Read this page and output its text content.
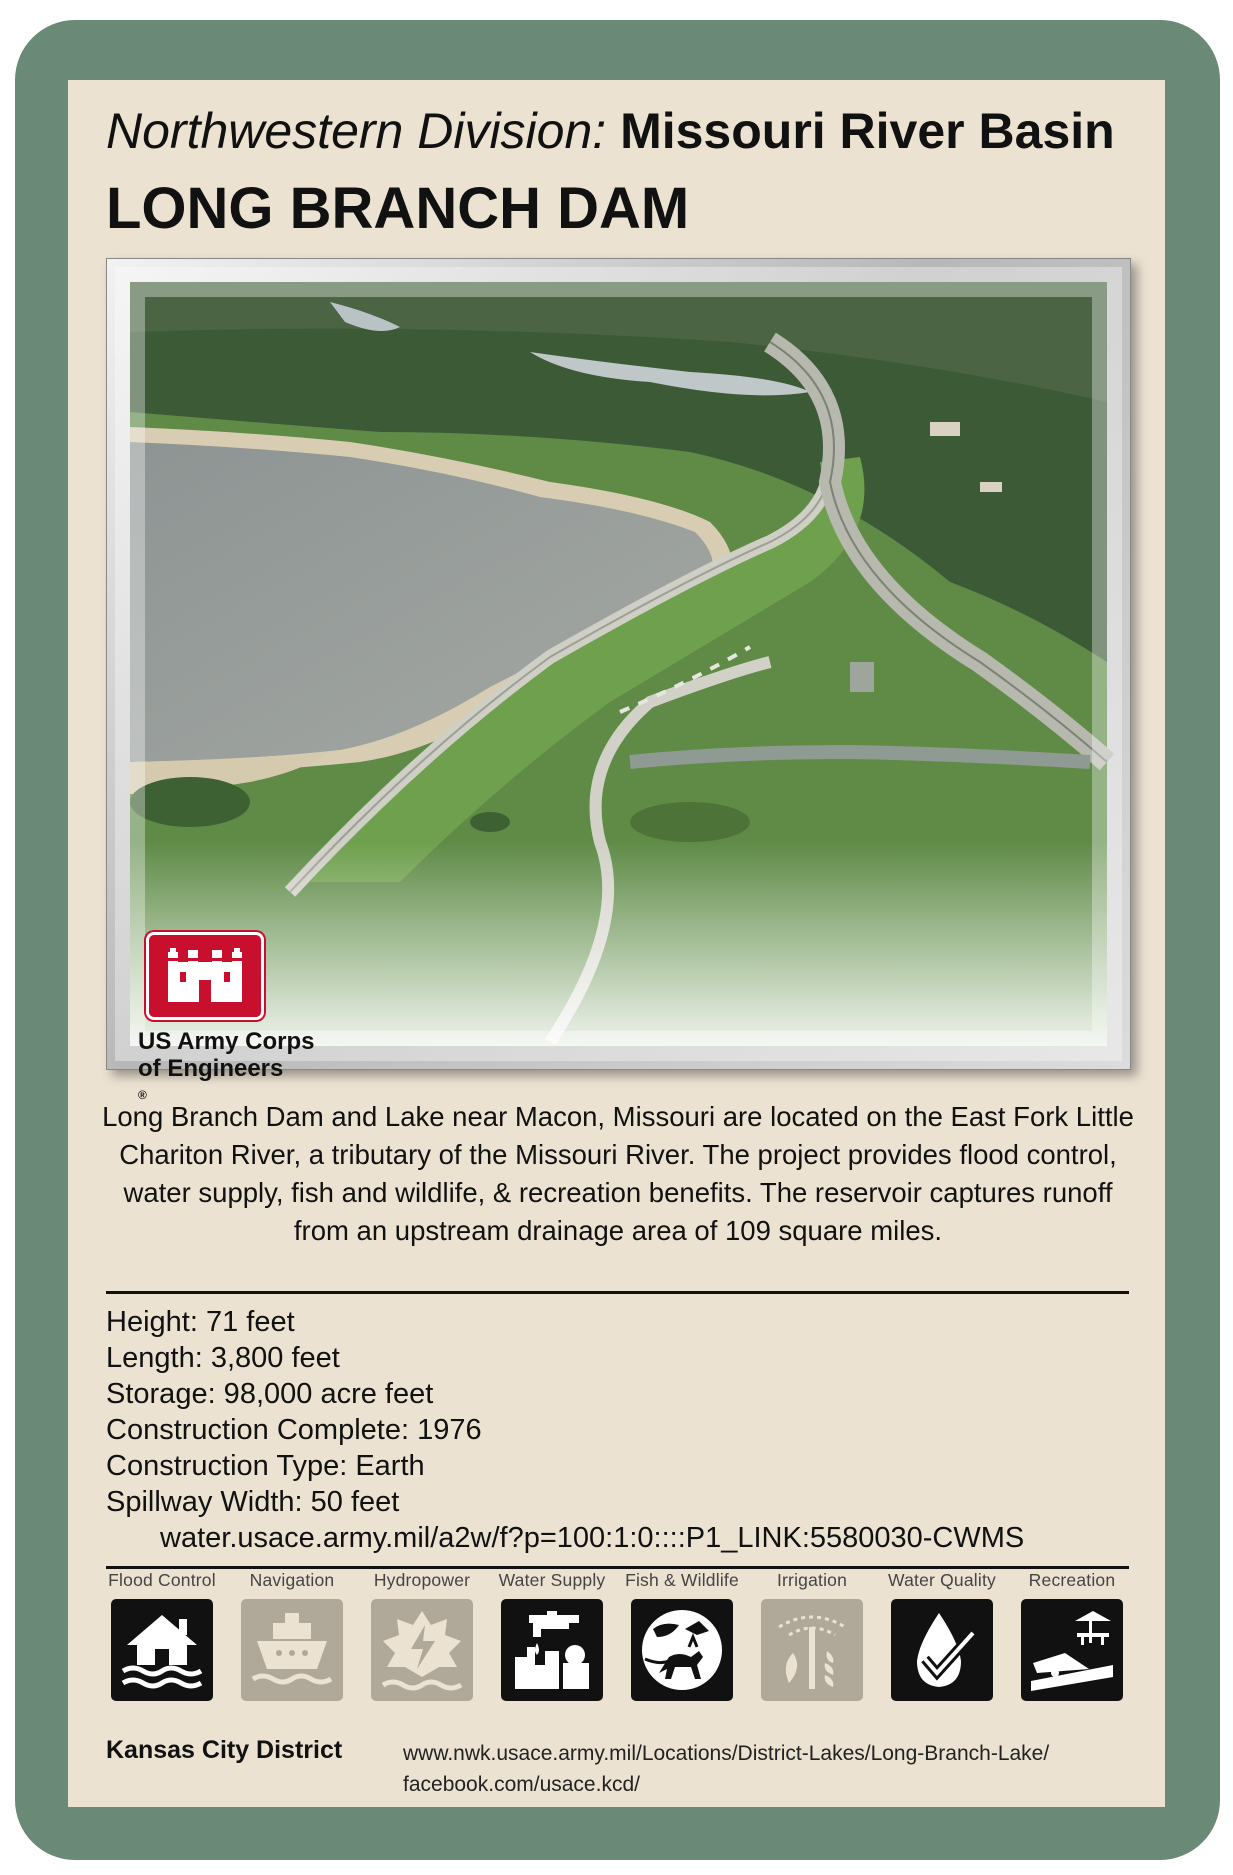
Northwestern Division: Missouri River Basin
LONG BRANCH DAM
US Army Corps
of Engineers
®
Long Branch Dam and Lake near Macon, Missouri are located on the East Fork Little Chariton River, a tributary of the Missouri River. The project provides flood control, water supply, fish and wildlife, & recreation benefits. The reservoir captures runoff from an upstream drainage area of 109 square miles.
Height: 71 feet
Length: 3,800 feet
Storage: 98,000 acre feet
Construction Complete: 1976
Construction Type: Earth
Spillway Width: 50 feet
water.usace.army.mil/a2w/f?p=100:1:0::::P1_LINK:5580030-CWMS
Flood Control	Navigation	Hydropower	Water Supply	Fish & Wildlife	Irrigation	Water Quality	Recreation
Kansas City District	www.nwk.usace.army.mil/Locations/District-Lakes/Long-Branch-Lake/
facebook.com/usace.kcd/
